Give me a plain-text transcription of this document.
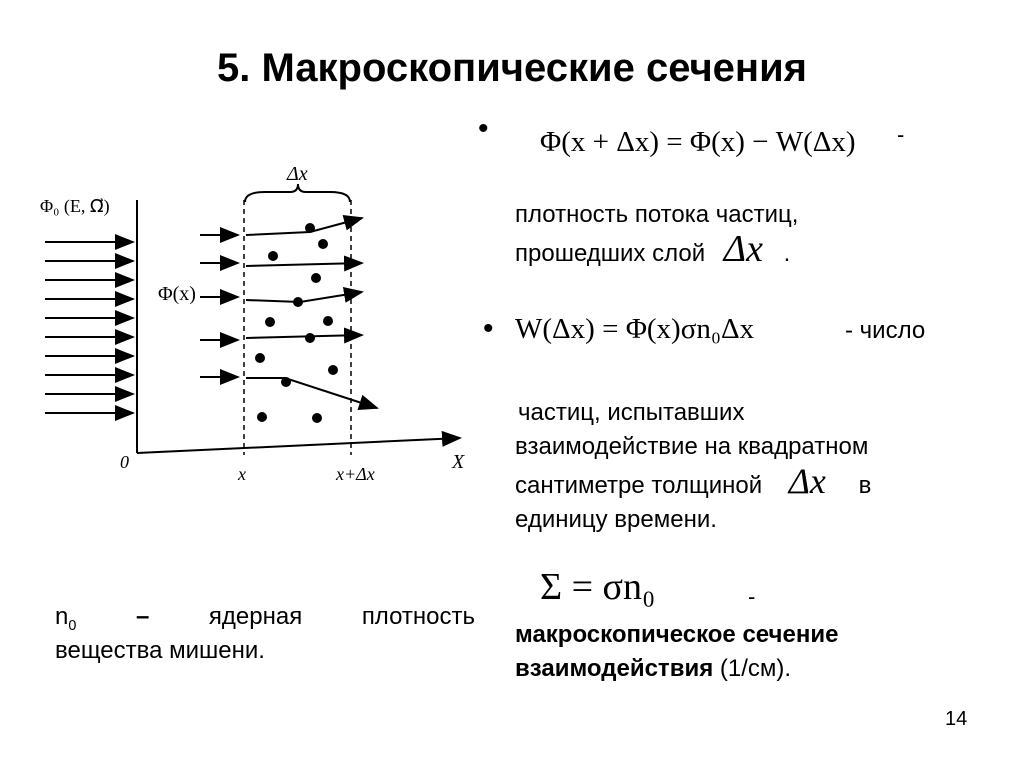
5. Макроскопические сечения
Φ₀ (E, Ω⃗)
Δx
Φ(x)
0
x	x+Δx
X
• Φ(x + Δx) = Φ(x) − W(Δx) -
плотность потока частиц,
прошедших слой Δx .
• W(Δx) = Φ(x)σn₀Δx	- число
частиц, испытавших
взаимодействие на квадратном
сантиметре толщиной Δx в
единицу времени.
Σ = σn₀	-
макроскопическое сечение
взаимодействия (1/см).
$n_0$ – ядерная плотность
вещества мишени.
14
